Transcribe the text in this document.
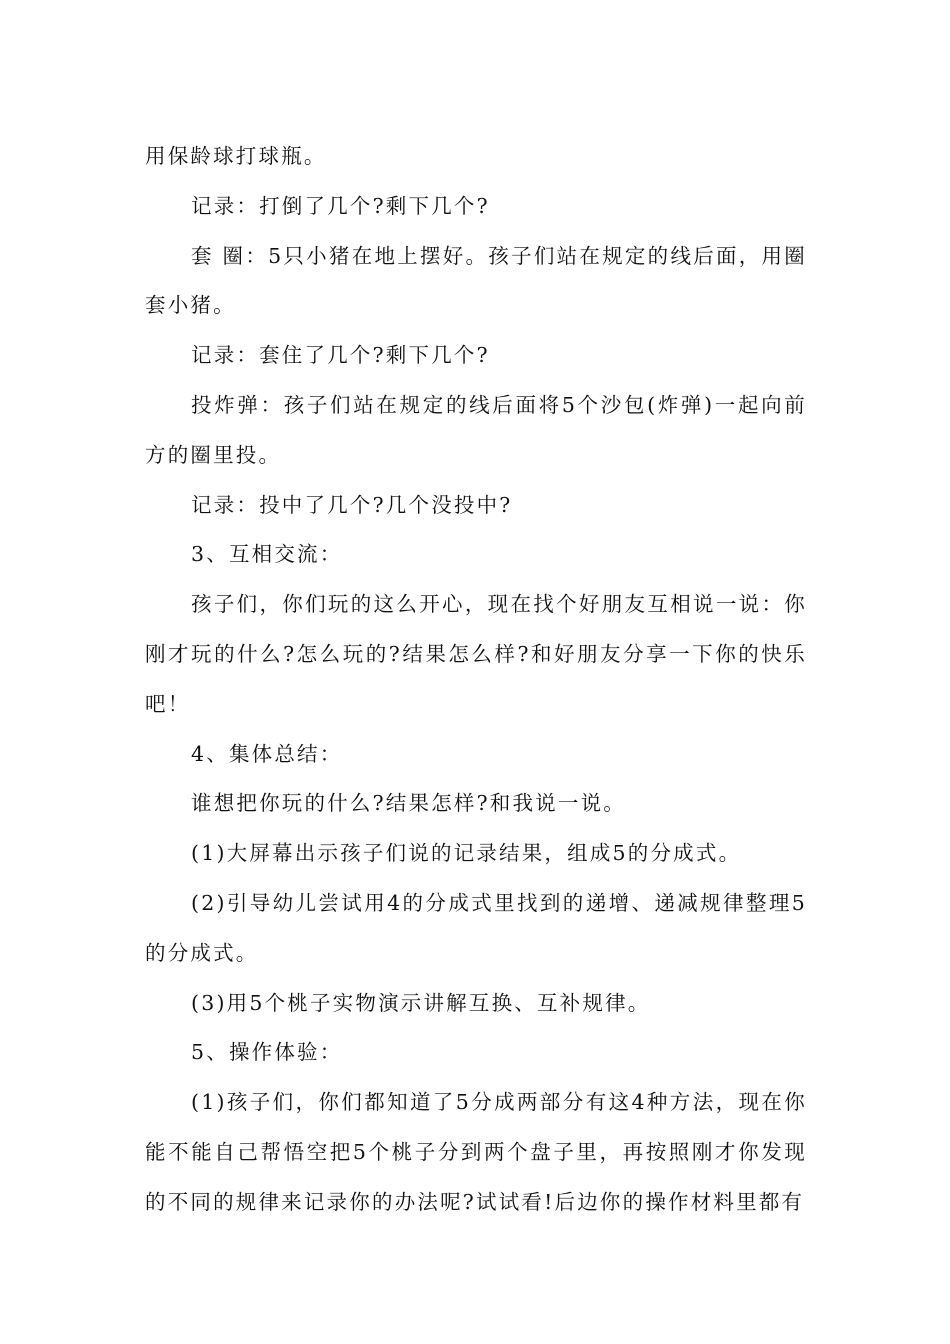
用保龄球打球瓶。

记录：打倒了几个?剩下几个?

套 圈：5只小猪在地上摆好。孩子们站在规定的线后面，用圈套小猪。

记录：套住了几个?剩下几个?

投炸弹：孩子们站在规定的线后面将5个沙包(炸弹)一起向前方的圈里投。

记录：投中了几个?几个没投中?

3、互相交流：

孩子们，你们玩的这么开心，现在找个好朋友互相说一说：你刚才玩的什么?怎么玩的?结果怎么样?和好朋友分享一下你的快乐吧！

4、集体总结：

谁想把你玩的什么?结果怎样?和我说一说。

(1)大屏幕出示孩子们说的记录结果，组成5的分成式。

(2)引导幼儿尝试用4的分成式里找到的递增、递减规律整理5的分成式。

(3)用5个桃子实物演示讲解互换、互补规律。

5、操作体验：

(1)孩子们，你们都知道了5分成两部分有这4种方法，现在你能不能自己帮悟空把5个桃子分到两个盘子里，再按照刚才你发现的不同的规律来记录你的办法呢?试试看!后边你的操作材料里都有
